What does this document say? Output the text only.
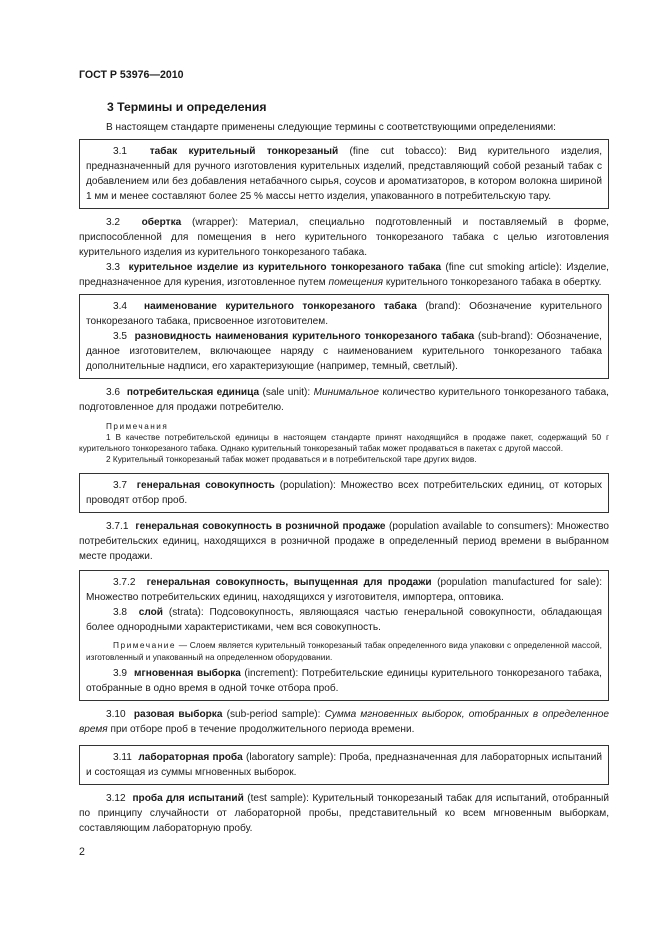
ГОСТ Р 53976—2010
3 Термины и определения

В настоящем стандарте применены следующие термины с соответствующими определениями:

3.1 табак курительный тонкорезаный (fine cut tobacco): Вид курительного изделия, предназначенный для ручного изготовления курительных изделий, представляющий собой резаный табак с добавлением или без добавления нетабачного сырья, соусов и ароматизаторов, в котором волокна шириной 1 мм и менее составляют более 25 % массы нетто изделия, упакованного в потребительскую тару.

3.2 обертка (wrapper): Материал, специально подготовленный и поставляемый в форме, приспособленной для помещения в него курительного тонкорезаного табака с целью изготовления курительного изделия из курительного тонкорезаного табака.

3.3 курительное изделие из курительного тонкорезаного табака (fine cut smoking article): Изделие, предназначенное для курения, изготовленное путем помещения курительного тонкорезаного табака в обертку.

3.4 наименование курительного тонкорезаного табака (brand): Обозначение курительного тонкорезаного табака, присвоенное изготовителем.

3.5 разновидность наименования курительного тонкорезаного табака (sub-brand): Обозначение, данное изготовителем, включающее наряду с наименованием курительного тонкорезаного табака дополнительные надписи, его характеризующие (например, темный, светлый).

3.6 потребительская единица (sale unit): Минимальное количество курительного тонкорезаного табака, подготовленное для продажи потребителю.

Примечания

1 В качестве потребительской единицы в настоящем стандарте принят находящийся в продаже пакет, содержащий 50 г курительного тонкорезаного табака. Однако курительный тонкорезаный табак может продаваться в пакетах с другой массой.

2 Курительный тонкорезаный табак может продаваться и в потребительской таре других видов.

3.7 генеральная совокупность (population): Множество всех потребительских единиц, от которых проводят отбор проб.

3.7.1 генеральная совокупность в розничной продаже (population available to consumers): Множество потребительских единиц, находящихся в розничной продаже в определенный период времени в выбранном месте продажи.

3.7.2 генеральная совокупность, выпущенная для продажи (population manufactured for sale): Множество потребительских единиц, находящихся у изготовителя, импортера, оптовика.

3.8 слой (strata): Подсовокупность, являющаяся частью генеральной совокупности, обладающая более однородными характеристиками, чем вся совокупность.

Примечание — Слоем является курительный тонкорезаный табак определенного вида упаковки с определенной массой, изготовленный и упакованный на определенном оборудовании.

3.9 мгновенная выборка (increment): Потребительские единицы курительного тонкорезаного табака, отобранные в одно время в одной точке отбора проб.

3.10 разовая выборка (sub-period sample): Сумма мгновенных выборок, отобранных в определенное время при отборе проб в течение продолжительного периода времени.

3.11 лабораторная проба (laboratory sample): Проба, предназначенная для лабораторных испытаний и состоящая из суммы мгновенных выборок.

3.12 проба для испытаний (test sample): Курительный тонкорезаный табак для испытаний, отобранный по принципу случайности от лабораторной пробы, представительный ко всем мгновенным выборкам, составляющим лабораторную пробу.

2
